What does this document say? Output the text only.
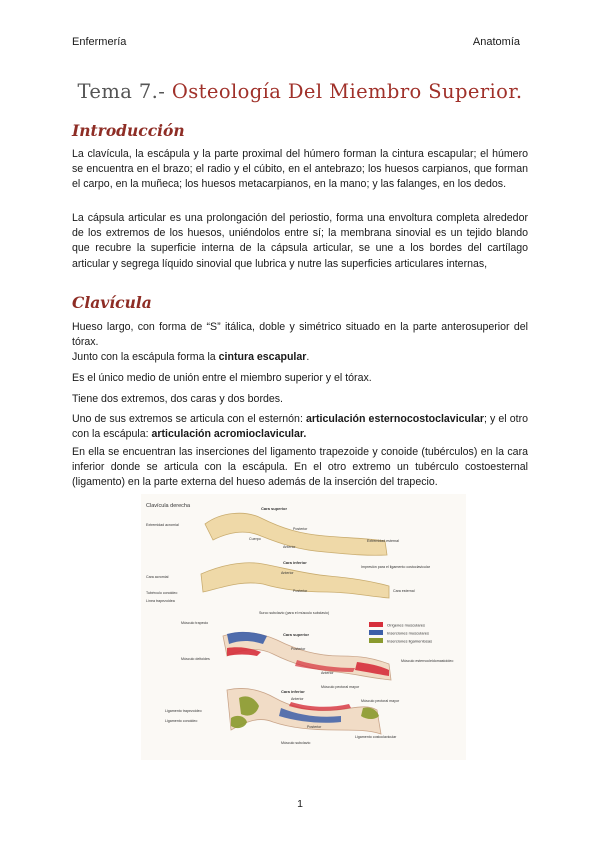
Enfermería	Anatomía
Tema 7.- Osteología Del Miembro Superior.
Introducción

La clavícula, la escápula y la parte proximal del húmero forman la cintura escapular; el húmero se encuentra en el brazo; el radio y el cúbito, en el antebrazo; los huesos carpianos, que forman el carpo, en la muñeca; los huesos metacarpianos, en la mano; y las falanges, en los dedos.

La cápsula articular es una prolongación del periostio, forma una envoltura completa alrededor de los extremos de los huesos, uniéndolos entre sí; la membrana sinovial es un tejido blando que recubre la superficie interna de la cápsula articular, se une a los bordes del cartílago articular y segrega líquido sinovial que lubrica y nutre las superficies articulares internas,

Clavícula

Hueso largo, con forma de “S” itálica, doble y simétrico situado en la parte anterosuperior del tórax.

Junto con la escápula forma la cintura escapular.

Es el único medio de unión entre el miembro superior y el tórax.

Tiene dos extremos, dos caras y dos bordes.

Uno de sus extremos se articula con el esternón: articulación esternocostoclavicular; y el otro con la escápula: articulación acromioclavicular.

En ella se encuentran las inserciones del ligamento trapezoide y conoide (tubérculos) en la cara inferior donde se articula con la escápula. En el otro extremo un tubérculo costoesternal (ligamento) en la parte externa del hueso además de la inserción del trapecio.

Clavícula derecha	Cara superior
Extremidad acromial
Posterior
Cuerpo
Anterior
Extremidad esternal
Cara inferior
Cara acromial
Anterior
Tubérculo conoideo
Línea trapezoidea
Impresión para el ligamento costoclavicular
Cara esternal
Posterior
Surco subclavio (para el músculo subclavio)
Cara superior
Músculo trapecio
Músculo deltoides	Músculo esternocleidomastoideo
Músculo pectoral mayor
Posterior
Anterior
Orígenes musculares
Inserciones musculares
Inserciones ligamentosas
Cara inferior
Ligamento trapezoideo
Ligamento conoideo
Ligamento costoclavicular
Músculo subclavio
Músculo pectoral mayor
Anterior
Posterior
1
